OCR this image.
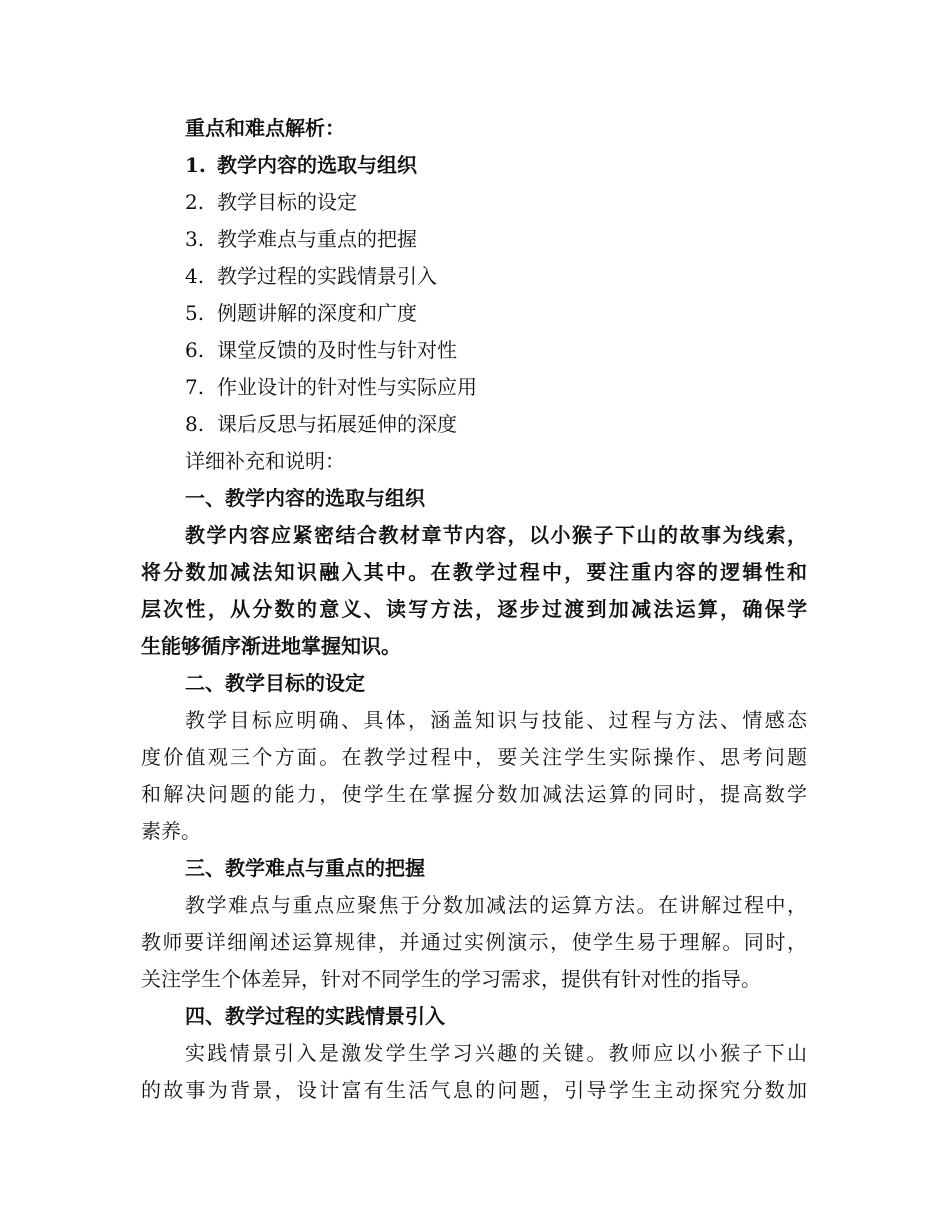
重点和难点解析：
1. 教学内容的选取与组织
2. 教学目标的设定
3. 教学难点与重点的把握
4. 教学过程的实践情景引入
5. 例题讲解的深度和广度
6. 课堂反馈的及时性与针对性
7. 作业设计的针对性与实际应用
8. 课后反思与拓展延伸的深度
详细补充和说明：
一、教学内容的选取与组织
教学内容应紧密结合教材章节内容，以小猴子下山的故事为线索，
将分数加减法知识融入其中。在教学过程中，要注重内容的逻辑性和
层次性，从分数的意义、读写方法，逐步过渡到加减法运算，确保学
生能够循序渐进地掌握知识。
二、教学目标的设定
教学目标应明确、具体，涵盖知识与技能、过程与方法、情感态
度价值观三个方面。在教学过程中，要关注学生实际操作、思考问题
和解决问题的能力，使学生在掌握分数加减法运算的同时，提高数学
素养。
三、教学难点与重点的把握
教学难点与重点应聚焦于分数加减法的运算方法。在讲解过程中，
教师要详细阐述运算规律，并通过实例演示，使学生易于理解。同时，
关注学生个体差异，针对不同学生的学习需求，提供有针对性的指导。
四、教学过程的实践情景引入
实践情景引入是激发学生学习兴趣的关键。教师应以小猴子下山
的故事为背景，设计富有生活气息的问题，引导学生主动探究分数加
